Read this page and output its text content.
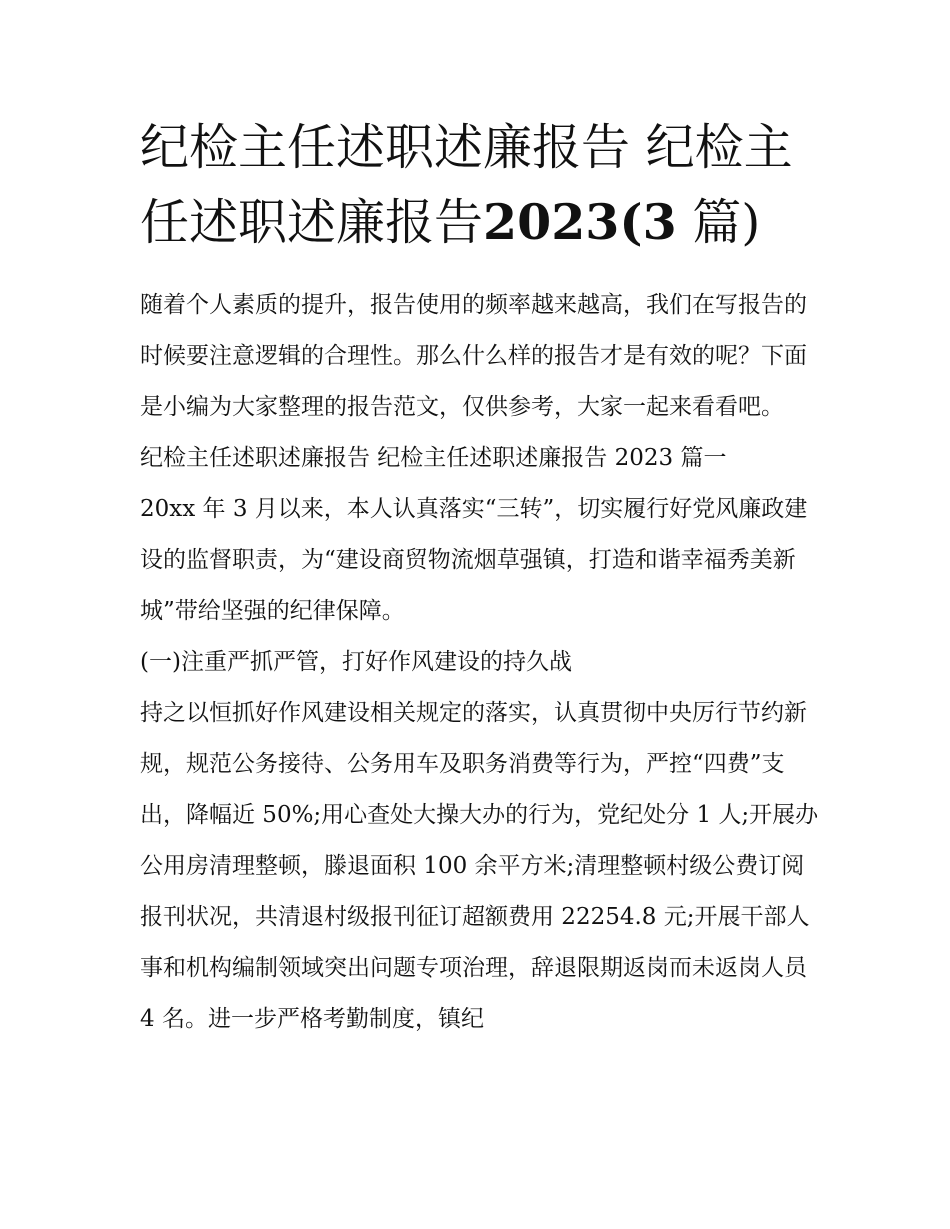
纪检主任述职述廉报告 纪检主任述职述廉报告2023(3 篇)

随着个人素质的提升，报告使用的频率越来越高，我们在写报告的时候要注意逻辑的合理性。那么什么样的报告才是有效的呢？下面是小编为大家整理的报告范文，仅供参考，大家一起来看看吧。

纪检主任述职述廉报告 纪检主任述职述廉报告 2023 篇一

20xx 年 3 月以来，本人认真落实“三转”，切实履行好党风廉政建设的监督职责，为“建设商贸物流烟草强镇，打造和谐幸福秀美新城”带给坚强的纪律保障。

(一)注重严抓严管，打好作风建设的持久战

持之以恒抓好作风建设相关规定的落实，认真贯彻中央厉行节约新规，规范公务接待、公务用车及职务消费等行为，严控“四费”支出，降幅近 50%;用心查处大操大办的行为，党纪处分 1 人;开展办公用房清理整顿，滕退面积 100 余平方米;清理整顿村级公费订阅报刊状况，共清退村级报刊征订超额费用 22254.8 元;开展干部人事和机构编制领域突出问题专项治理，辞退限期返岗而未返岗人员 4 名。进一步严格考勤制度，镇纪
